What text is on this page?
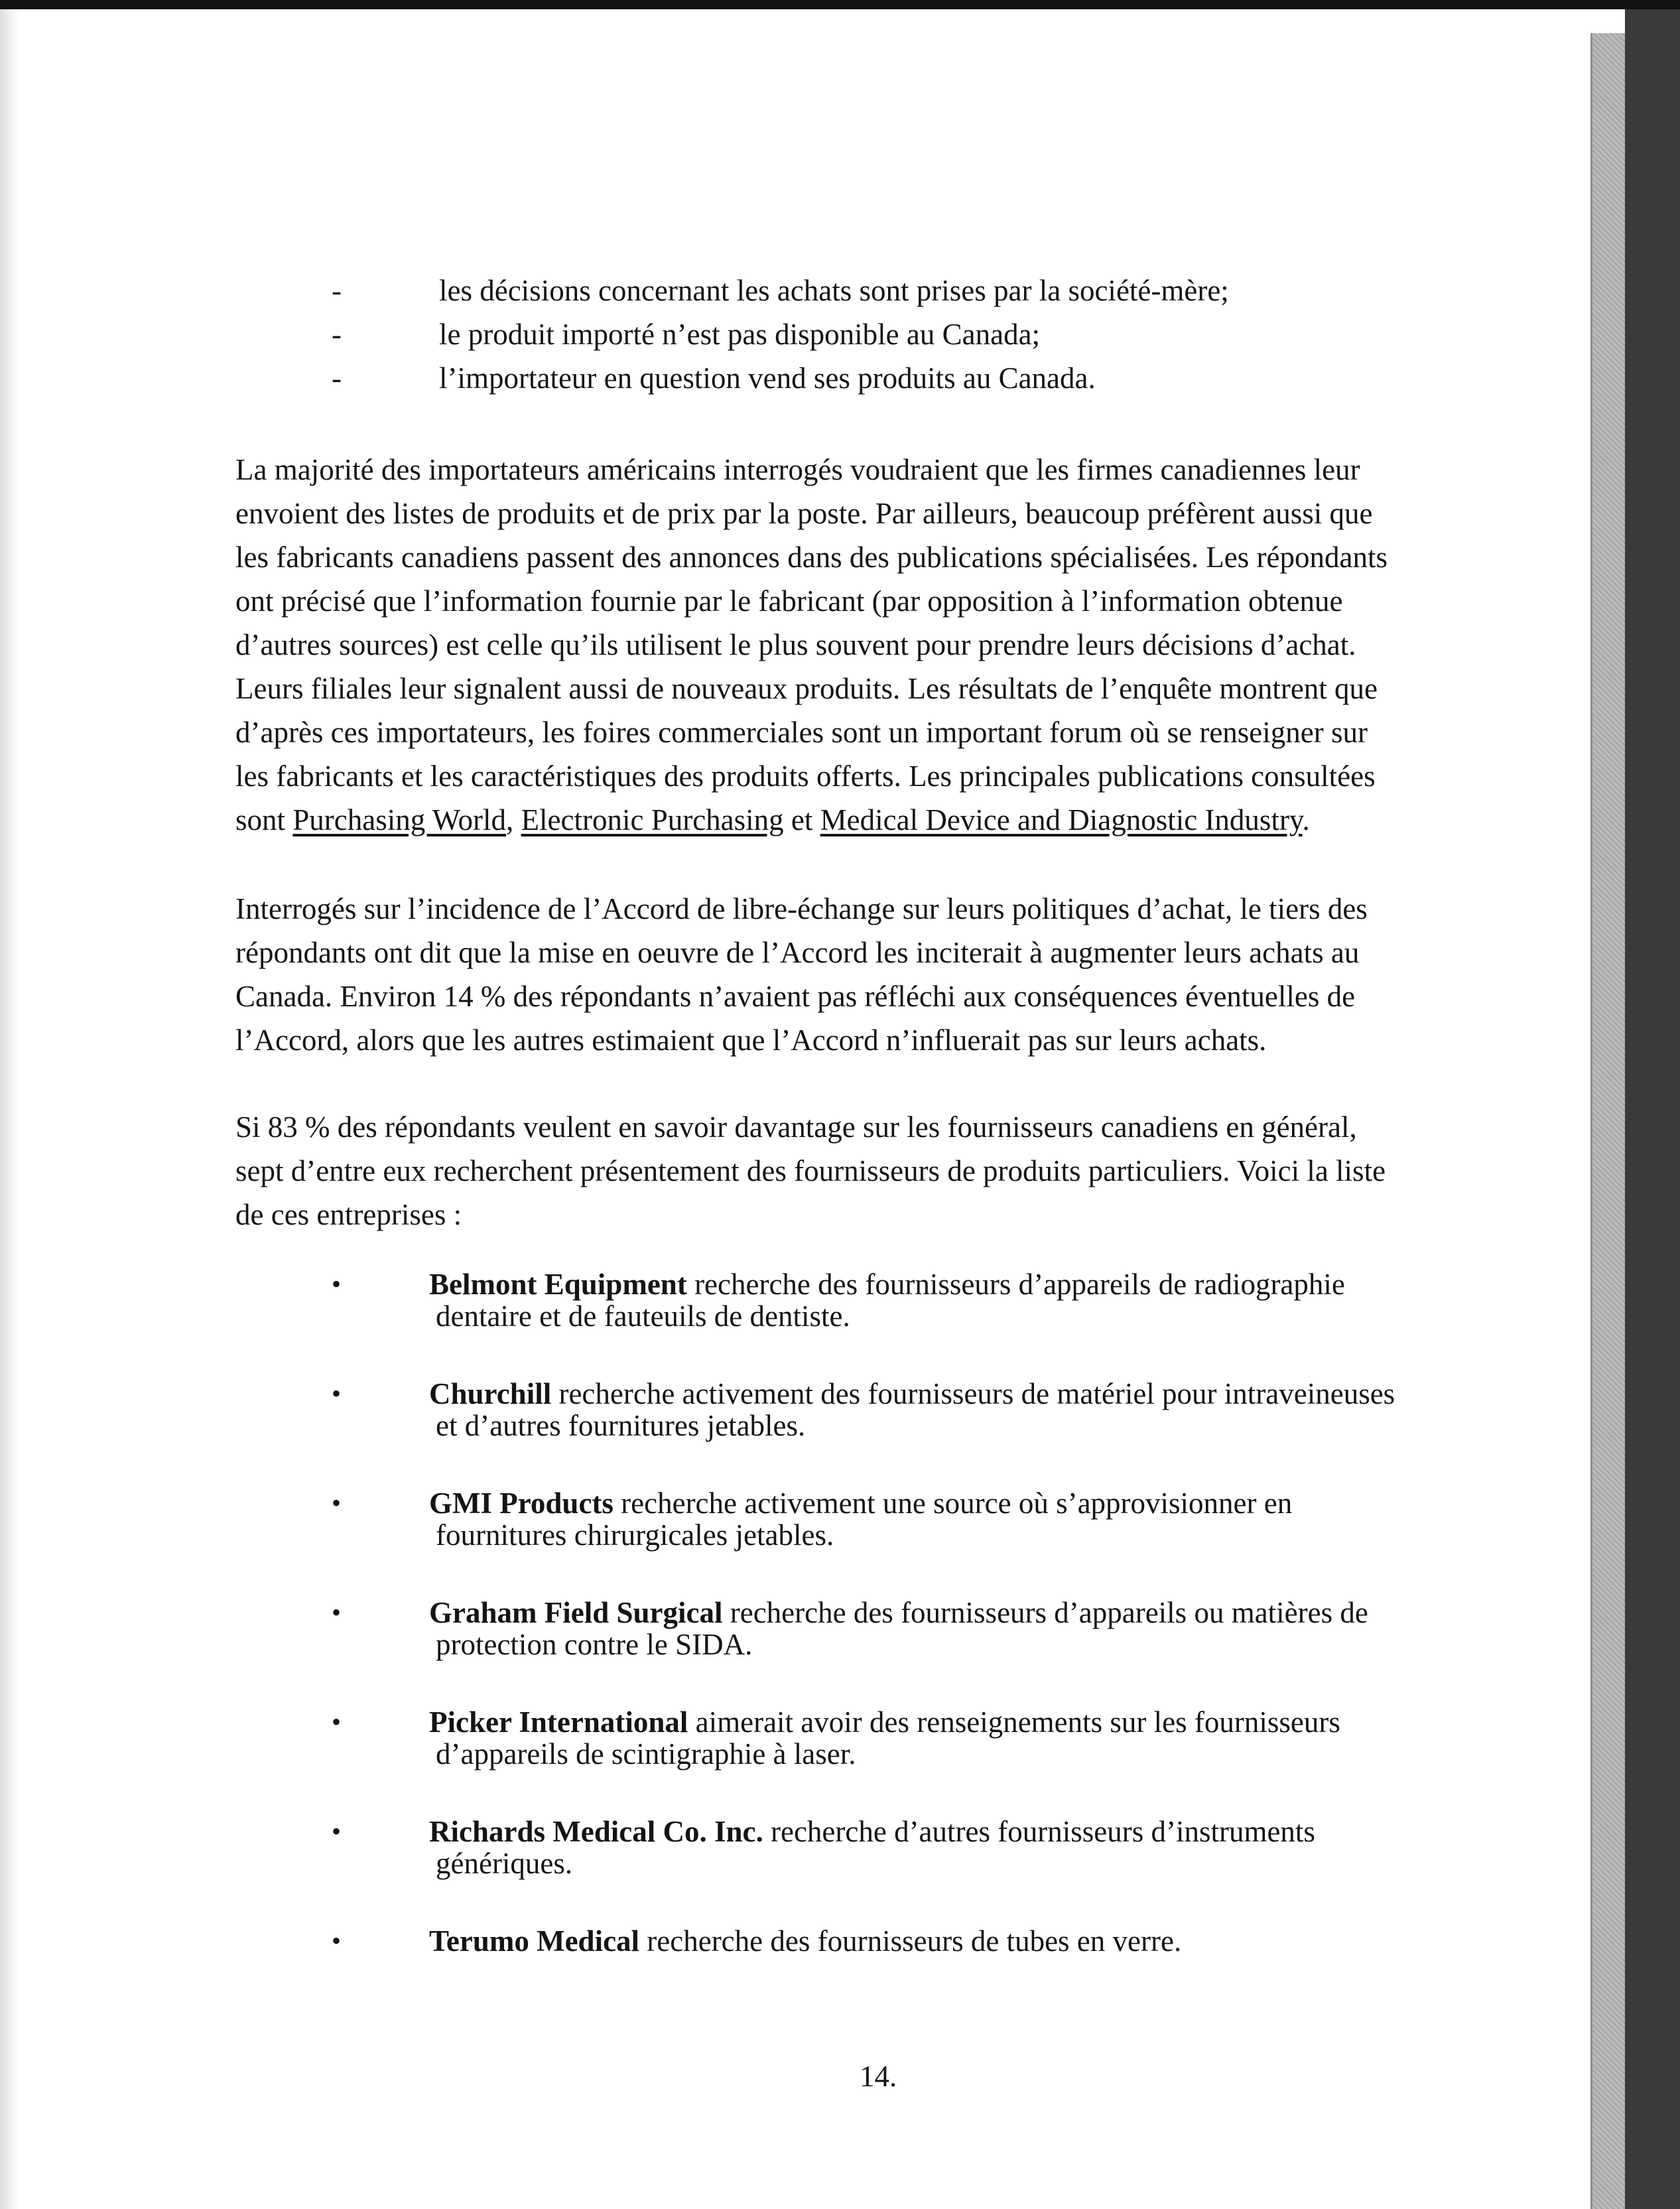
-	les décisions concernant les achats sont prises par la société-mère;
-	le produit importé n’est pas disponible au Canada;
-	l’importateur en question vend ses produits au Canada.

La majorité des importateurs américains interrogés voudraient que les firmes canadiennes leur
envoient des listes de produits et de prix par la poste. Par ailleurs, beaucoup préfèrent aussi que
les fabricants canadiens passent des annonces dans des publications spécialisées. Les répondants
ont précisé que l’information fournie par le fabricant (par opposition à l’information obtenue
d’autres sources) est celle qu’ils utilisent le plus souvent pour prendre leurs décisions d’achat.
Leurs filiales leur signalent aussi de nouveaux produits. Les résultats de l’enquête montrent que
d’après ces importateurs, les foires commerciales sont un important forum où se renseigner sur
les fabricants et les caractéristiques des produits offerts. Les principales publications consultées
sont Purchasing World, Electronic Purchasing et Medical Device and Diagnostic Industry.

Interrogés sur l’incidence de l’Accord de libre-échange sur leurs politiques d’achat, le tiers des
répondants ont dit que la mise en oeuvre de l’Accord les inciterait à augmenter leurs achats au
Canada. Environ 14 % des répondants n’avaient pas réfléchi aux conséquences éventuelles de
l’Accord, alors que les autres estimaient que l’Accord n’influerait pas sur leurs achats.

Si 83 % des répondants veulent en savoir davantage sur les fournisseurs canadiens en général,
sept d’entre eux recherchent présentement des fournisseurs de produits particuliers. Voici la liste
de ces entreprises :

•	Belmont Equipment recherche des fournisseurs d’appareils de radiographie
dentaire et de fauteuils de dentiste.
•	Churchill recherche activement des fournisseurs de matériel pour intraveineuses
et d’autres fournitures jetables.
•	GMI Products recherche activement une source où s’approvisionner en
fournitures chirurgicales jetables.
•	Graham Field Surgical recherche des fournisseurs d’appareils ou matières de
protection contre le SIDA.
•	Picker International aimerait avoir des renseignements sur les fournisseurs
d’appareils de scintigraphie à laser.
•	Richards Medical Co. Inc. recherche d’autres fournisseurs d’instruments
génériques.
•	Terumo Medical recherche des fournisseurs de tubes en verre.
14.
